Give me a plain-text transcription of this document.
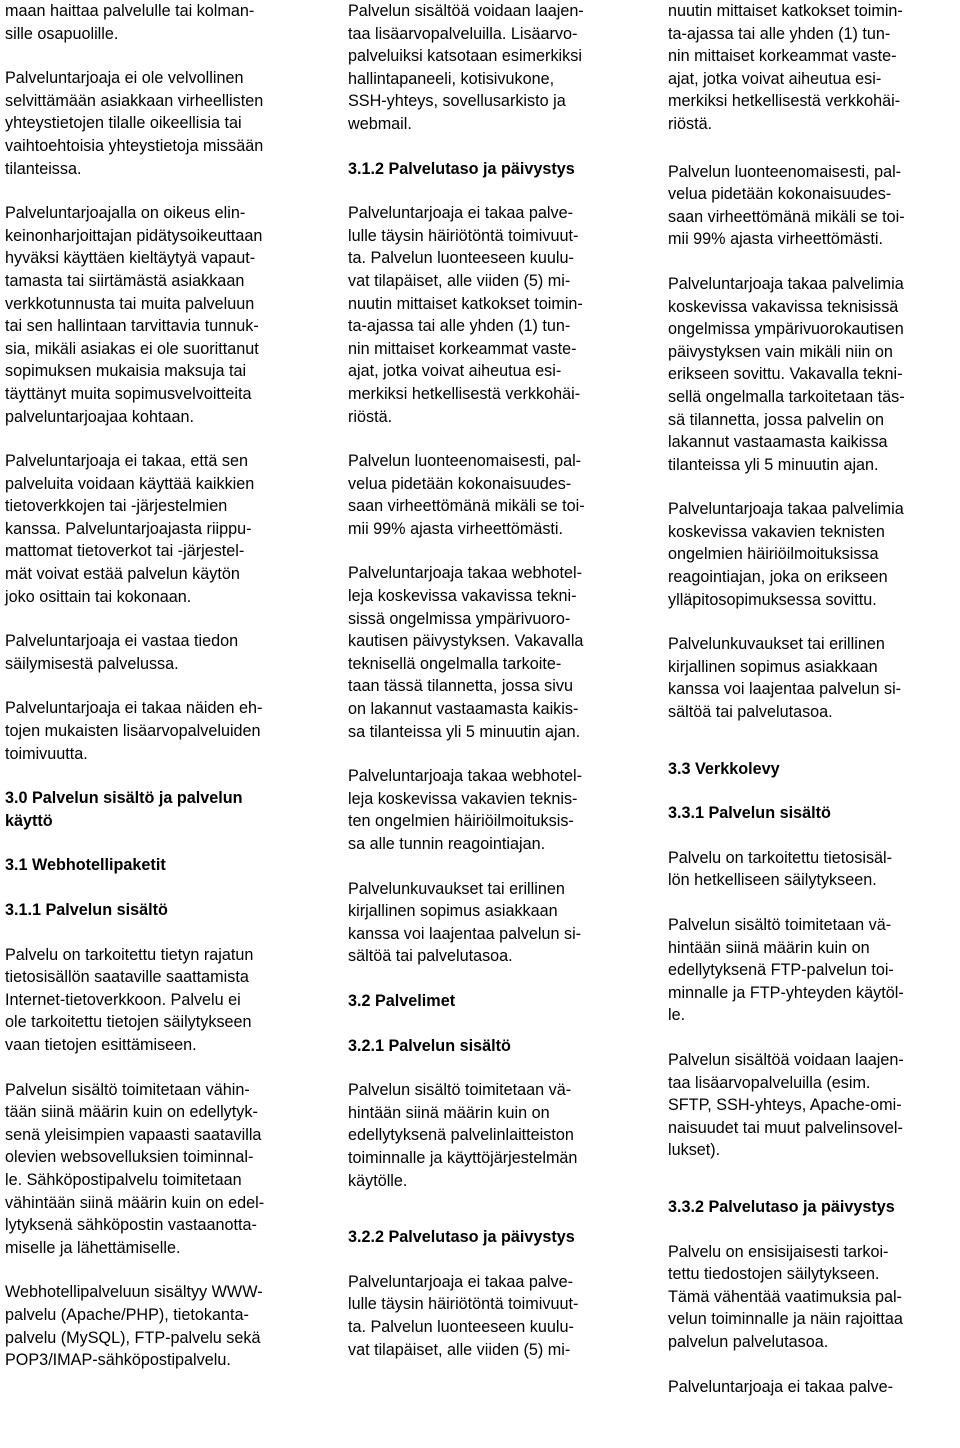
maan haittaa palvelulle tai kolman-
sille osapuolille.

Palveluntarjoaja ei ole velvollinen
selvittämään asiakkaan virheellisten
yhteystietojen tilalle oikeellisia tai
vaihtoehtoisia yhteystietoja missään
tilanteissa.

Palveluntarjoajalla on oikeus elin-
keinonharjoittajan pidätysoikeuttaan
hyväksi käyttäen kieltäytyä vapaut-
tamasta tai siirtämästä asiakkaan
verkkotunnusta tai muita palveluun
tai sen hallintaan tarvittavia tunnuk-
sia, mikäli asiakas ei ole suorittanut
sopimuksen mukaisia maksuja tai
täyttänyt muita sopimusvelvoitteita
palveluntarjoajaa kohtaan.

Palveluntarjoaja ei takaa, että sen
palveluita voidaan käyttää kaikkien
tietoverkkojen tai -järjestelmien
kanssa. Palveluntarjoajasta riippu-
mattomat tietoverkot tai -järjestel-
mät voivat estää palvelun käytön
joko osittain tai kokonaan.

Palveluntarjoaja ei vastaa tiedon
säilymisestä palvelussa.

Palveluntarjoaja ei takaa näiden eh-
tojen mukaisten lisäarvopalveluiden
toimivuutta.

3.0 Palvelun sisältö ja palvelun
käyttö
3.1 Webhotellipaketit
3.1.1 Palvelun sisältö

Palvelu on tarkoitettu tietyn rajatun
tietosisällön saataville saattamista
Internet-tietoverkkoon. Palvelu ei
ole tarkoitettu tietojen säilytykseen
vaan tietojen esittämiseen.

Palvelun sisältö toimitetaan vähin-
tään siinä määrin kuin on edellytyk-
senä yleisimpien vapaasti saatavilla
olevien websovelluksien toiminnal-
le. Sähköpostipalvelu toimitetaan
vähintään siinä määrin kuin on edel-
lytyksenä sähköpostin vastaanotta-
miselle ja lähettämiselle.

Webhotellipalveluun sisältyy WWW-
palvelu (Apache/PHP), tietokanta-
palvelu (MySQL), FTP-palvelu sekä
POP3/IMAP-sähköpostipalvelu.

Palvelun sisältöä voidaan laajen-
taa lisäarvopalveluilla. Lisäarvo-
palveluiksi katsotaan esimerkiksi
hallintapaneeli, kotisivukone,
SSH-yhteys, sovellusarkisto ja
webmail.

3.1.2 Palvelutaso ja päivystys

Palveluntarjoaja ei takaa palve-
lulle täysin häiriötöntä toimivuut-
ta. Palvelun luonteeseen kuulu-
vat tilapäiset, alle viiden (5) mi-
nuutin mittaiset katkokset toimin-
ta-ajassa tai alle yhden (1) tun-
nin mittaiset korkeammat vaste-
ajat, jotka voivat aiheutua esi-
merkiksi hetkellisestä verkkohäi-
riöstä.

Palvelun luonteenomaisesti, pal-
velua pidetään kokonaisuudes-
saan virheettömänä mikäli se toi-
mii 99% ajasta virheettömästi.

Palveluntarjoaja takaa webhotel-
leja koskevissa vakavissa tekni-
sissä ongelmissa ympärivuoro-
kautisen päivystyksen. Vakavalla
teknisellä ongelmalla tarkoite-
taan tässä tilannetta, jossa sivu
on lakannut vastaamasta kaikis-
sa tilanteissa yli 5 minuutin ajan.

Palveluntarjoaja takaa webhotel-
leja koskevissa vakavien teknis-
ten ongelmien häiriöilmoituksis-
sa alle tunnin reagointiajan.

Palvelunkuvaukset tai erillinen
kirjallinen sopimus asiakkaan
kanssa voi laajentaa palvelun si-
sältöä tai palvelutasoa.

3.2 Palvelimet
3.2.1 Palvelun sisältö

Palvelun sisältö toimitetaan vä-
hintään siinä määrin kuin on
edellytyksenä palvelinlaitteiston
toiminnalle ja käyttöjärjestelmän
käytölle.

3.2.2 Palvelutaso ja päivystys

Palveluntarjoaja ei takaa palve-
lulle täysin häiriötöntä toimivuut-
ta. Palvelun luonteeseen kuulu-
vat tilapäiset, alle viiden (5) mi-

nuutin mittaiset katkokset toimin-
ta-ajassa tai alle yhden (1) tun-
nin mittaiset korkeammat vaste-
ajat, jotka voivat aiheutua esi-
merkiksi hetkellisestä verkkohäi-
riöstä.

Palvelun luonteenomaisesti, pal-
velua pidetään kokonaisuudes-
saan virheettömänä mikäli se toi-
mii 99% ajasta virheettömästi.

Palveluntarjoaja takaa palvelimia
koskevissa vakavissa teknisissä
ongelmissa ympärivuorokautisen
päivystyksen vain mikäli niin on
erikseen sovittu. Vakavalla tekni-
sellä ongelmalla tarkoitetaan täs-
sä tilannetta, jossa palvelin on
lakannut vastaamasta kaikissa
tilanteissa yli 5 minuutin ajan.

Palveluntarjoaja takaa palvelimia
koskevissa vakavien teknisten
ongelmien häiriöilmoituksissa
reagointiajan, joka on erikseen
ylläpitosopimuksessa sovittu.

Palvelunkuvaukset tai erillinen
kirjallinen sopimus asiakkaan
kanssa voi laajentaa palvelun si-
sältöä tai palvelutasoa.

3.3 Verkkolevy
3.3.1 Palvelun sisältö

Palvelu on tarkoitettu tietosisäl-
lön hetkelliseen säilytykseen.

Palvelun sisältö toimitetaan vä-
hintään siinä määrin kuin on
edellytyksenä FTP-palvelun toi-
minnalle ja FTP-yhteyden käytöl-
le.

Palvelun sisältöä voidaan laajen-
taa lisäarvopalveluilla (esim.
SFTP, SSH-yhteys, Apache-omi-
naisuudet tai muut palvelinsovel-
lukset).

3.3.2 Palvelutaso ja päivystys

Palvelu on ensisijaisesti tarkoi-
tettu tiedostojen säilytykseen.
Tämä vähentää vaatimuksia pal-
velun toiminnalle ja näin rajoittaa
palvelun palvelutasoa.

Palveluntarjoaja ei takaa palve-
